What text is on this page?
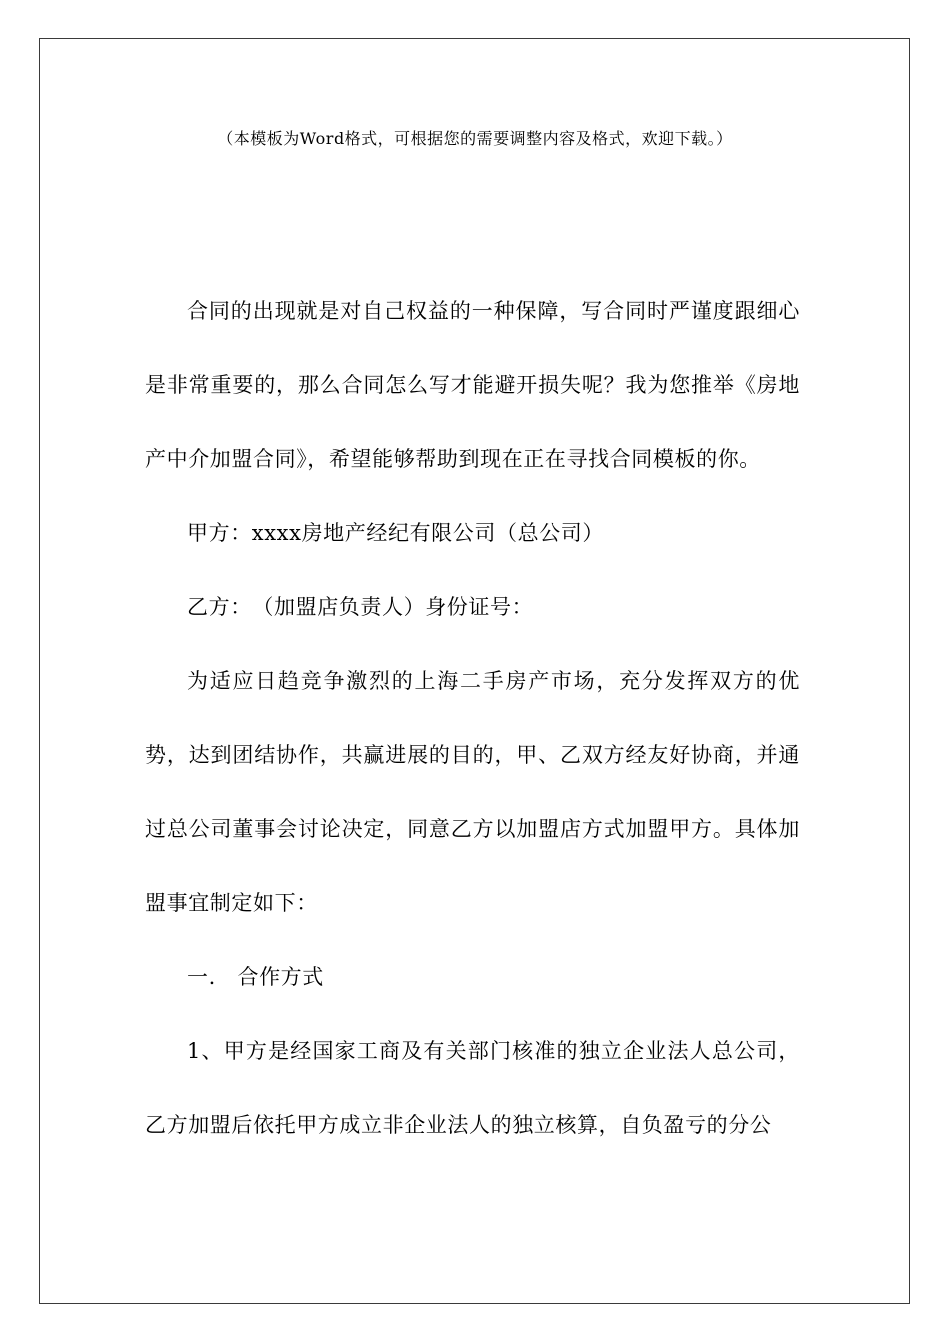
（本模板为Word格式，可根据您的需要调整内容及格式，欢迎下载。）

合同的出现就是对自己权益的一种保障，写合同时严谨度跟细心是非常重要的，那么合同怎么写才能避开损失呢？我为您推举《房地产中介加盟合同》，希望能够帮助到现在正在寻找合同模板的你。

甲方：xxxx房地产经纪有限公司（总公司）

乙方：　（加盟店负责人）身份证号：

为适应日趋竞争激烈的上海二手房产市场，充分发挥双方的优势，达到团结协作，共赢进展的目的，甲、乙双方经友好协商，并通过总公司董事会讨论决定，同意乙方以加盟店方式加盟甲方。具体加盟事宜制定如下：

一.　合作方式

1、甲方是经国家工商及有关部门核准的独立企业法人总公司，乙方加盟后依托甲方成立非企业法人的独立核算，自负盈亏的分公
